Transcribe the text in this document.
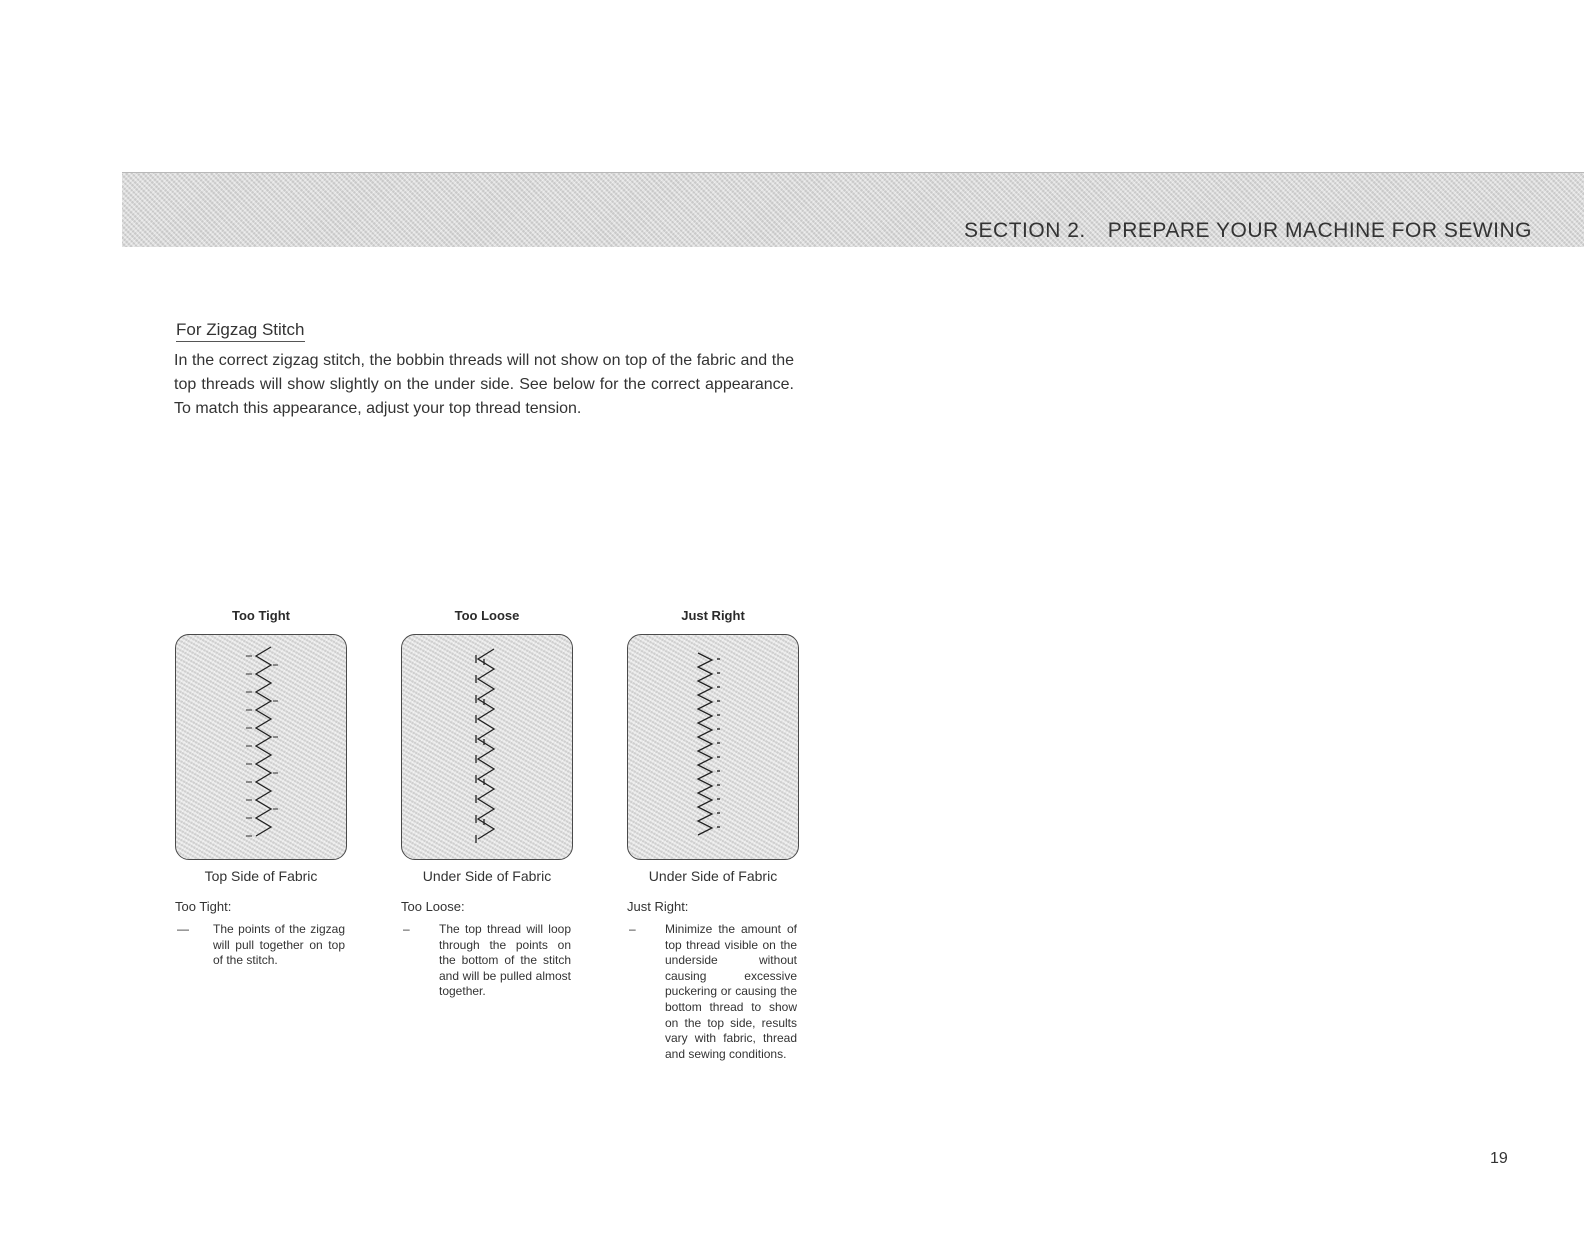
SECTION 2. PREPARE YOUR MACHINE FOR SEWING
For Zigzag Stitch
In the correct zigzag stitch, the bobbin threads will not show on top of the fabric and the top threads will show slightly on the under side. See below for the correct appearance. To match this appearance, adjust your top thread tension.
Too Tight
Top Side of Fabric
Too Tight:
—	The points of the zigzag will pull together on top of the stitch.
Too Loose
Under Side of Fabric
Too Loose:
–	The top thread will loop through the points on the bottom of the stitch and will be pulled almost together.
Just Right
Under Side of Fabric
Just Right:
–	Minimize the amount of top thread visible on the underside without causing excessive puckering or causing the bottom thread to show on the top side, results vary with fabric, thread and sewing conditions.
19
